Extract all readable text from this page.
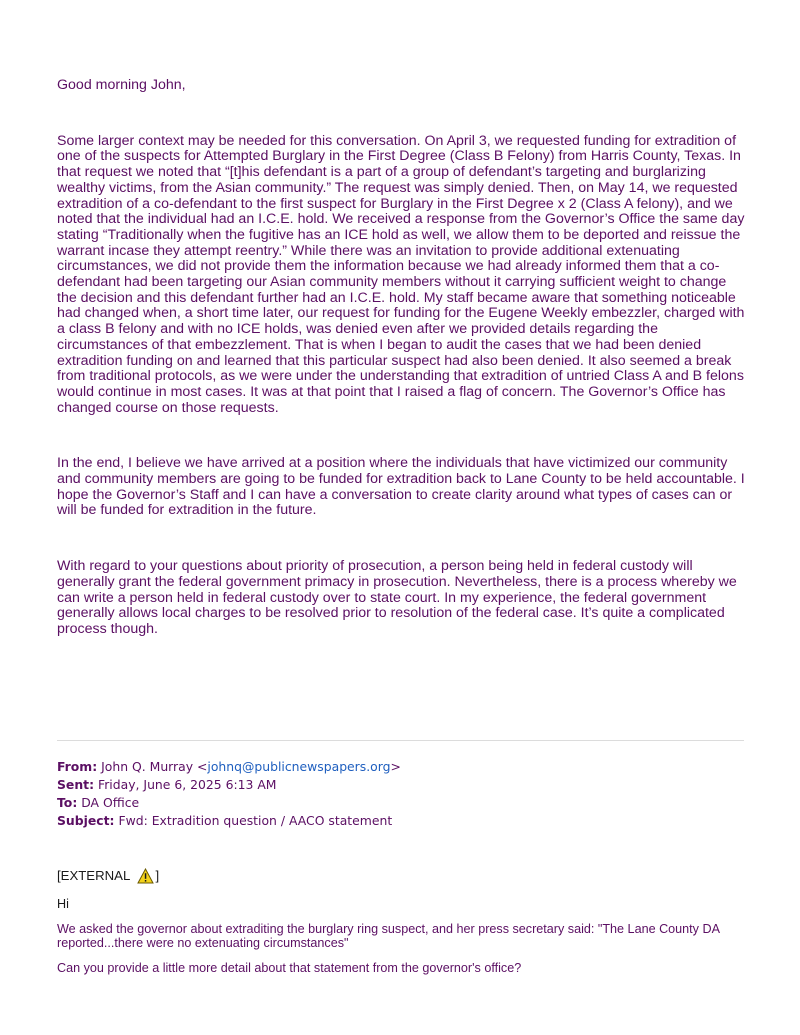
Good morning John,

Some larger context may be needed for this conversation. On April 3, we requested funding for extradition of one of the suspects for Attempted Burglary in the First Degree (Class B Felony) from Harris County, Texas. In that request we noted that “[t]his defendant is a part of a group of defendant’s targeting and burglarizing wealthy victims, from the Asian community.” The request was simply denied. Then, on May 14, we requested extradition of a co-defendant to the first suspect for Burglary in the First Degree x 2 (Class A felony), and we noted that the individual had an I.C.E. hold. We received a response from the Governor’s Office the same day stating “Traditionally when the fugitive has an ICE hold as well, we allow them to be deported and reissue the warrant incase they attempt reentry.” While there was an invitation to provide additional extenuating circumstances, we did not provide them the information because we had already informed them that a co-defendant had been targeting our Asian community members without it carrying sufficient weight to change the decision and this defendant further had an I.C.E. hold. My staff became aware that something noticeable had changed when, a short time later, our request for funding for the Eugene Weekly embezzler, charged with a class B felony and with no ICE holds, was denied even after we provided details regarding the circumstances of that embezzlement. That is when I began to audit the cases that we had been denied extradition funding on and learned that this particular suspect had also been denied. It also seemed a break from traditional protocols, as we were under the understanding that extradition of untried Class A and B felons would continue in most cases. It was at that point that I raised a flag of concern. The Governor’s Office has changed course on those requests.

In the end, I believe we have arrived at a position where the individuals that have victimized our community and community members are going to be funded for extradition back to Lane County to be held accountable. I hope the Governor’s Staff and I can have a conversation to create clarity around what types of cases can or will be funded for extradition in the future.

With regard to your questions about priority of prosecution, a person being held in federal custody will generally grant the federal government primacy in prosecution. Nevertheless, there is a process whereby we can write a person held in federal custody over to state court. In my experience, the federal government generally allows local charges to be resolved prior to resolution of the federal case. It’s quite a complicated process though.

From: John Q. Murray <johnq@publicnewspapers.org>
Sent: Friday, June 6, 2025 6:13 AM
To: DA Office
Subject: Fwd: Extradition question / AACO statement
[EXTERNAL ]

Hi

We asked the governor about extraditing the burglary ring suspect, and her press secretary said: "The Lane County DA reported...there were no extenuating circumstances"

Can you provide a little more detail about that statement from the governor's office?
